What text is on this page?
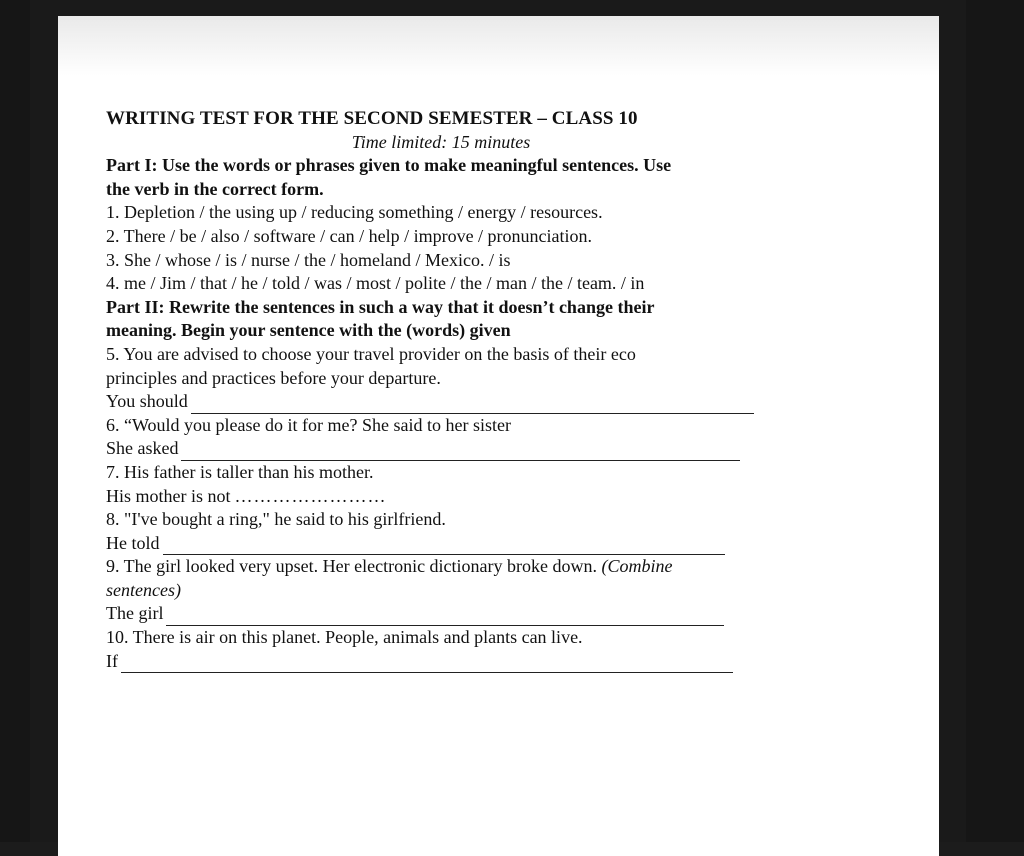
WRITING TEST FOR THE SECOND SEMESTER – CLASS 10

Time limited: 15 minutes

Part I: Use the words or phrases given to make meaningful sentences. Use

the verb in the correct form.

1. Depletion / the using up / reducing something / energy / resources.

2. There / be / also / software / can / help / improve / pronunciation.

3. She / whose / is / nurse / the / homeland / Mexico. / is

4. me / Jim / that / he / told / was / most / polite / the / man / the / team. / in

Part II: Rewrite the sentences in such a way that it doesn’t change their

meaning. Begin your sentence with the (words) given

5. You are advised to choose your travel provider on the basis of their eco

principles and practices before your departure.

You should

6. “Would you please do it for me? She said to her sister

She asked

7. His father is taller than his mother.

His mother is not ……………………

8. "I've bought a ring," he said to his girlfriend.

He told

9. The girl looked very upset. Her electronic dictionary broke down. (Combine

sentences)

The girl

10. There is air on this planet. People, animals and plants can live.

If
